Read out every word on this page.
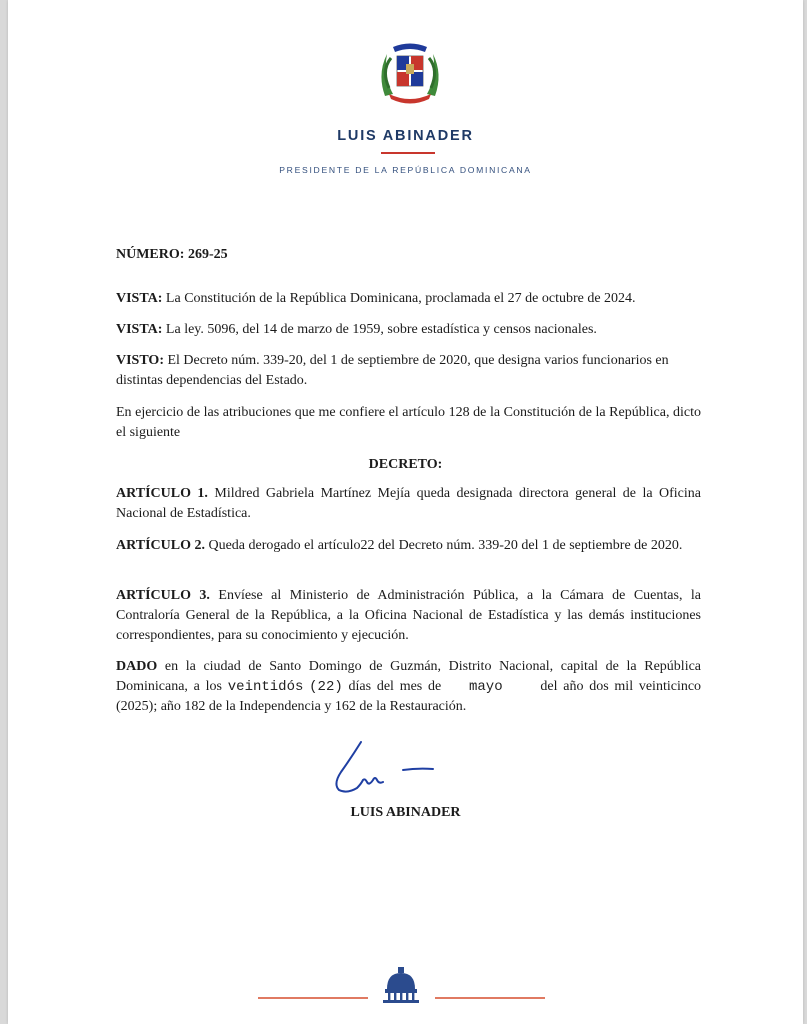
LUIS ABINADER
PRESIDENTE DE LA REPÚBLICA DOMINICANA
NÚMERO: 269-25
VISTA: La Constitución de la República Dominicana, proclamada el 27 de octubre de 2024.
VISTA: La ley. 5096, del 14 de marzo de 1959, sobre estadística y censos nacionales.
VISTO: El Decreto núm. 339-20, del 1 de septiembre de 2020, que designa varios funcionarios en distintas dependencias del Estado.
En ejercicio de las atribuciones que me confiere el artículo 128 de la Constitución de la República, dicto el siguiente
DECRETO:
ARTÍCULO 1. Mildred Gabriela Martínez Mejía queda designada directora general de la Oficina Nacional de Estadística.
ARTÍCULO 2. Queda derogado el artículo22 del Decreto núm. 339-20 del 1 de septiembre de 2020.
ARTÍCULO 3. Envíese al Ministerio de Administración Pública, a la Cámara de Cuentas, la Contraloría General de la República, a la Oficina Nacional de Estadística y las demás instituciones correspondientes, para su conocimiento y ejecución.
DADO en la ciudad de Santo Domingo de Guzmán, Distrito Nacional, capital de la República Dominicana, a los veintidós (22) días del mes de mayo	del año dos mil veinticinco (2025); año 182 de la Independencia y 162 de la Restauración.
LUIS ABINADER
